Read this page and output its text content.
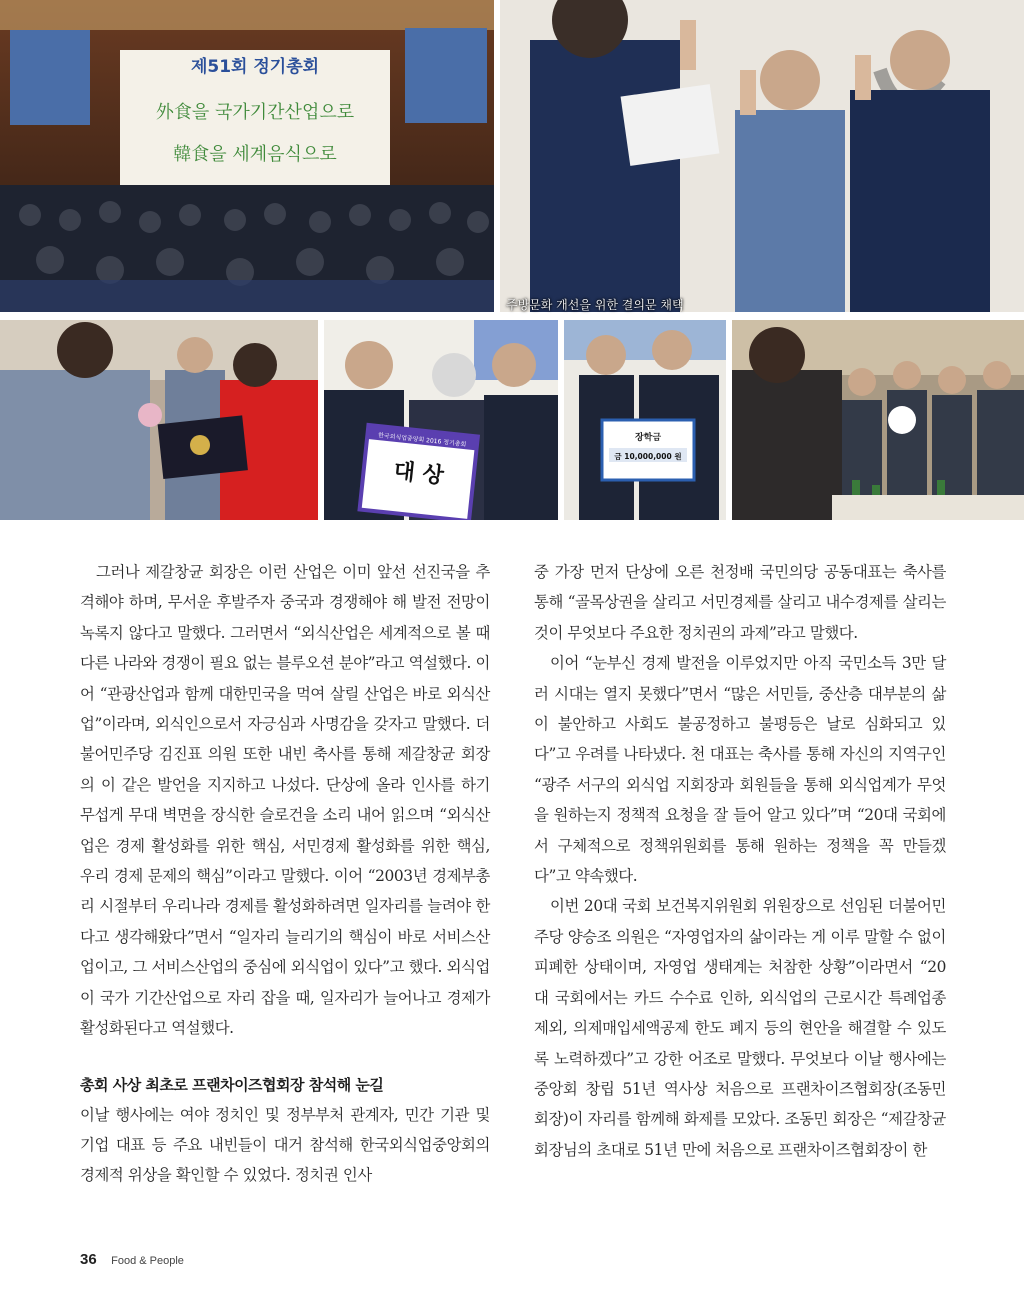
제51회 정기총회
外食을 국가기간산업으로
韓食을 세계음식으로
주방문화 개선을 위한 결의문 채택
한국외식업중앙회 2016 정기총회
대 상
장학금
금 10,000,000 원

그러나 제갈창균 회장은 이런 산업은 이미 앞선 선진국을 추격해야 하며, 무서운 후발주자 중국과 경쟁해야 해 발전 전망이 녹록지 않다고 말했다. 그러면서 “외식산업은 세계적으로 볼 때 다른 나라와 경쟁이 필요 없는 블루오션 분야”라고 역설했다. 이어 “관광산업과 함께 대한민국을 먹여 살릴 산업은 바로 외식산업”이라며, 외식인으로서 자긍심과 사명감을 갖자고 말했다. 더불어민주당 김진표 의원 또한 내빈 축사를 통해 제갈창균 회장의 이 같은 발언을 지지하고 나섰다. 단상에 올라 인사를 하기 무섭게 무대 벽면을 장식한 슬로건을 소리 내어 읽으며 “외식산업은 경제 활성화를 위한 핵심, 서민경제 활성화를 위한 핵심, 우리 경제 문제의 핵심”이라고 말했다. 이어 “2003년 경제부총리 시절부터 우리나라 경제를 활성화하려면 일자리를 늘려야 한다고 생각해왔다”면서 “일자리 늘리기의 핵심이 바로 서비스산업이고, 그 서비스산업의 중심에 외식업이 있다”고 했다. 외식업이 국가 기간산업으로 자리 잡을 때, 일자리가 늘어나고 경제가 활성화된다고 역설했다.

총회 사상 최초로 프랜차이즈협회장 참석해 눈길

이날 행사에는 여야 정치인 및 정부부처 관계자, 민간 기관 및 기업 대표 등 주요 내빈들이 대거 참석해 한국외식업중앙회의 경제적 위상을 확인할 수 있었다. 정치권 인사

중 가장 먼저 단상에 오른 천정배 국민의당 공동대표는 축사를 통해 “골목상권을 살리고 서민경제를 살리고 내수경제를 살리는 것이 무엇보다 주요한 정치권의 과제”라고 말했다.

이어 “눈부신 경제 발전을 이루었지만 아직 국민소득 3만 달러 시대는 열지 못했다”면서 “많은 서민들, 중산층 대부분의 삶이 불안하고 사회도 불공정하고 불평등은 날로 심화되고 있다”고 우려를 나타냈다. 천 대표는 축사를 통해 자신의 지역구인 “광주 서구의 외식업 지회장과 회원들을 통해 외식업계가 무엇을 원하는지 정책적 요청을 잘 들어 알고 있다”며 “20대 국회에서 구체적으로 정책위원회를 통해 원하는 정책을 꼭 만들겠다”고 약속했다.

이번 20대 국회 보건복지위원회 위원장으로 선임된 더불어민주당 양승조 의원은 “자영업자의 삶이라는 게 이루 말할 수 없이 피폐한 상태이며, 자영업 생태계는 처참한 상황”이라면서 “20대 국회에서는 카드 수수료 인하, 외식업의 근로시간 특례업종 제외, 의제매입세액공제 한도 폐지 등의 현안을 해결할 수 있도록 노력하겠다”고 강한 어조로 말했다. 무엇보다 이날 행사에는 중앙회 창립 51년 역사상 처음으로 프랜차이즈협회장(조동민 회장)이 자리를 함께해 화제를 모았다. 조동민 회장은 “제갈창균 회장님의 초대로 51년 만에 처음으로 프랜차이즈협회장이 한

36 Food & People
